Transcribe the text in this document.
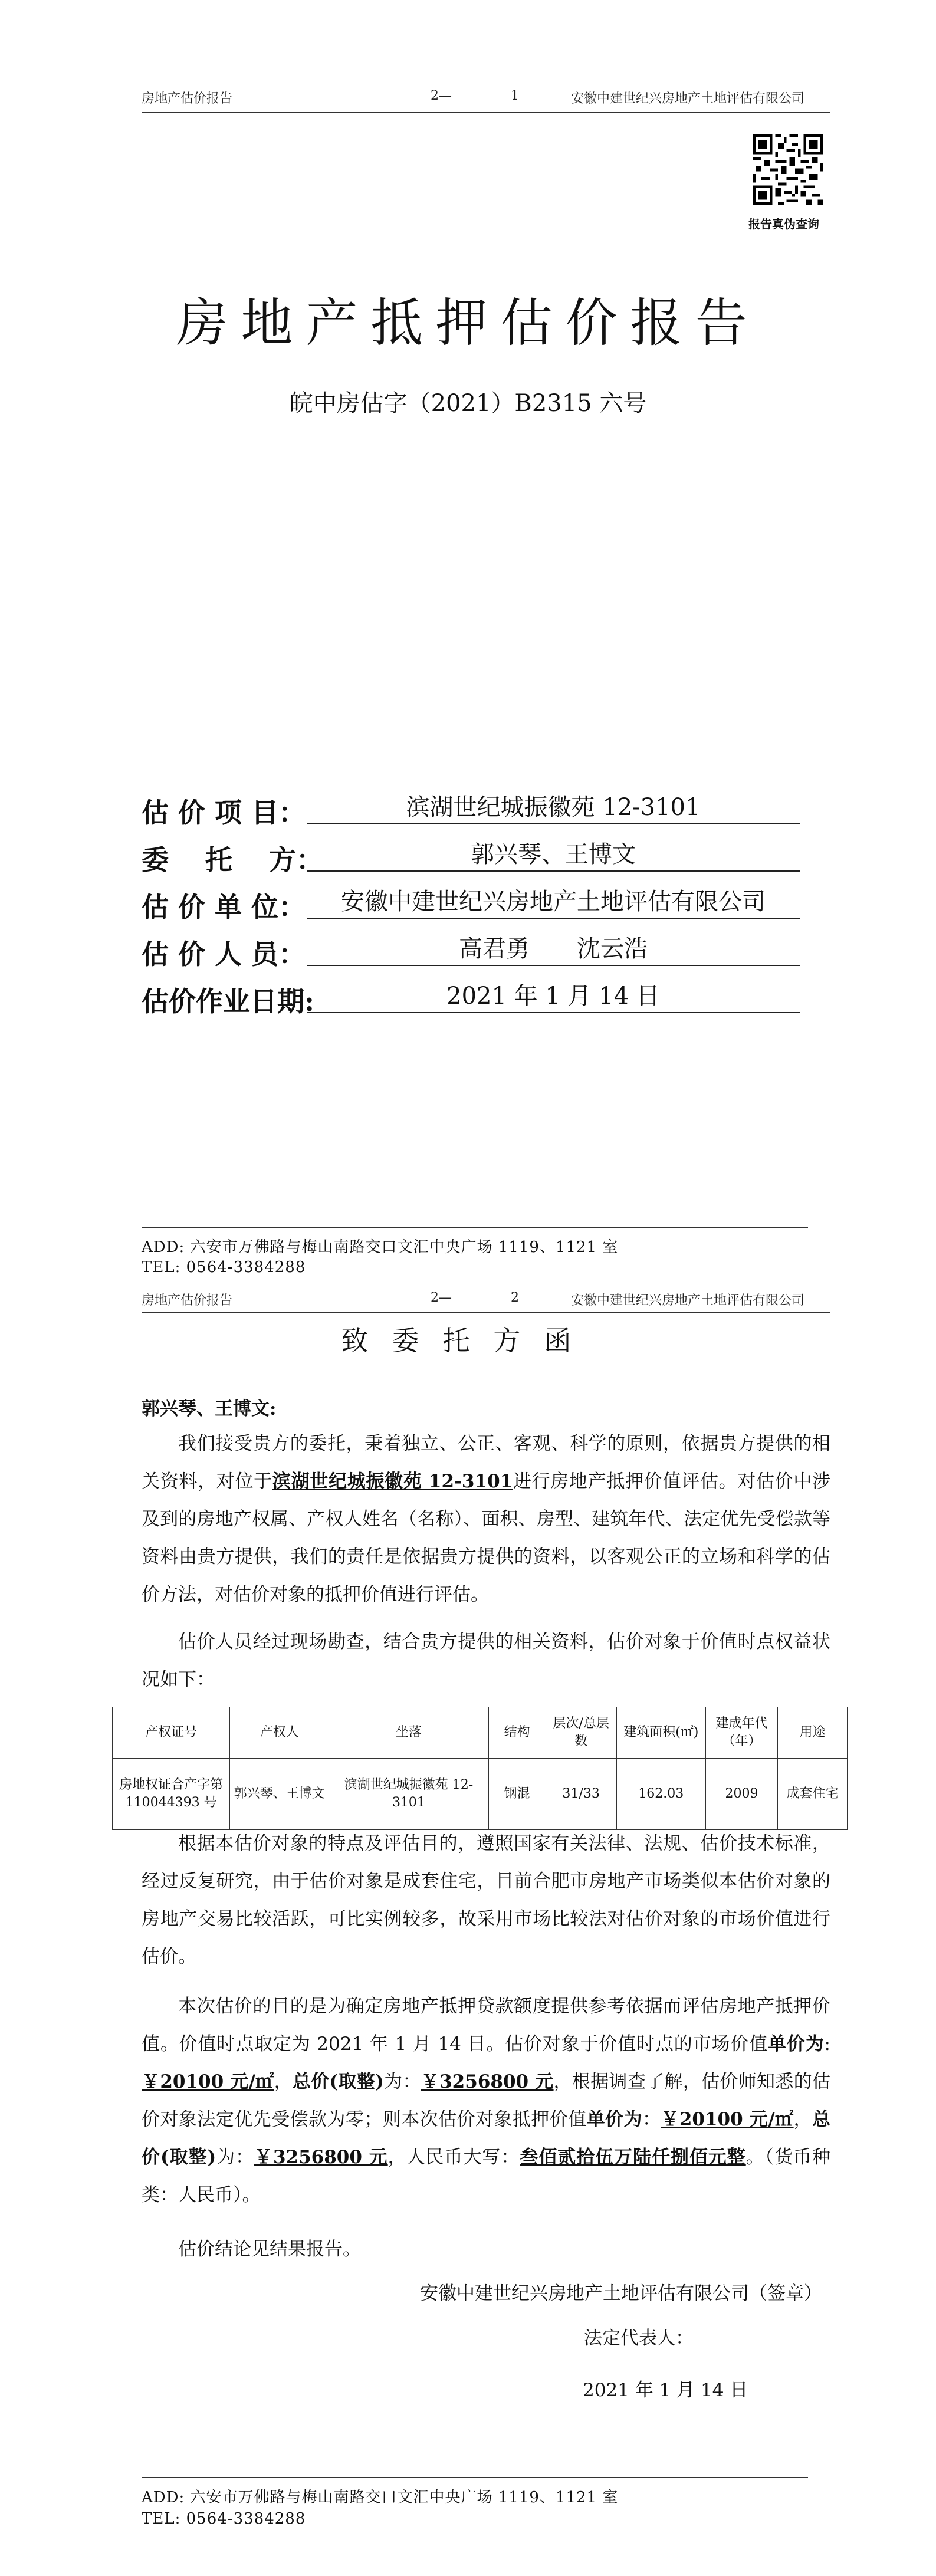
房地产估价报告	2—	1	安徽中建世纪兴房地产土地评估有限公司
报告真伪查询
房地产抵押估价报告
皖中房估字（2021）B2315 六号
估 价 项 目：	滨湖世纪城振徽苑 12-3101
委　 托　 方：	郭兴琴、王博文
估 价 单 位：	安徽中建世纪兴房地产土地评估有限公司
估 价 人 员：	高君勇　　沈云浩
估价作业日期:	2021 年 1 月 14 日
ADD: 六安市万佛路与梅山南路交口文汇中央广场 1119、1121 室
TEL: 0564-3384288
房地产估价报告	2—	2	安徽中建世纪兴房地产土地评估有限公司
致委托方函
郭兴琴、王博文:
我们接受贵方的委托，秉着独立、公正、客观、科学的原则，依据贵方提供的相关资料，对位于滨湖世纪城振徽苑 12-3101进行房地产抵押价值评估。对估价中涉及到的房地产权属、产权人姓名（名称）、面积、房型、建筑年代、法定优先受偿款等资料由贵方提供，我们的责任是依据贵方提供的资料，以客观公正的立场和科学的估价方法，对估价对象的抵押价值进行评估。
估价人员经过现场勘查，结合贵方提供的相关资料，估价对象于价值时点权益状况如下：
产权证号	产权人	坐落	结构	层次/总层数	建筑面积(㎡)	建成年代（年）	用途
房地权证合产字第 110044393 号	郭兴琴、王博文	滨湖世纪城振徽苑 12-3101	钢混	31/33	162.03	2009	成套住宅
根据本估价对象的特点及评估目的，遵照国家有关法律、法规、估价技术标准，经过反复研究，由于估价对象是成套住宅，目前合肥市房地产市场类似本估价对象的房地产交易比较活跃，可比实例较多，故采用市场比较法对估价对象的市场价值进行估价。
本次估价的目的是为确定房地产抵押贷款额度提供参考依据而评估房地产抵押价值。价值时点取定为 2021 年 1 月 14 日。估价对象于价值时点的市场价值单价为:￥20100 元/㎡，总价(取整)为：￥3256800 元，根据调查了解，估价师知悉的估价对象法定优先受偿款为零；则本次估价对象抵押价值单价为：￥20100 元/㎡，总价(取整)为：￥3256800 元，人民币大写：叁佰贰拾伍万陆仟捌佰元整。（货币种类：人民币）。
估价结论见结果报告。
安徽中建世纪兴房地产土地评估有限公司（签章）
法定代表人：
2021 年 1 月 14 日
ADD: 六安市万佛路与梅山南路交口文汇中央广场 1119、1121 室
TEL: 0564-3384288
